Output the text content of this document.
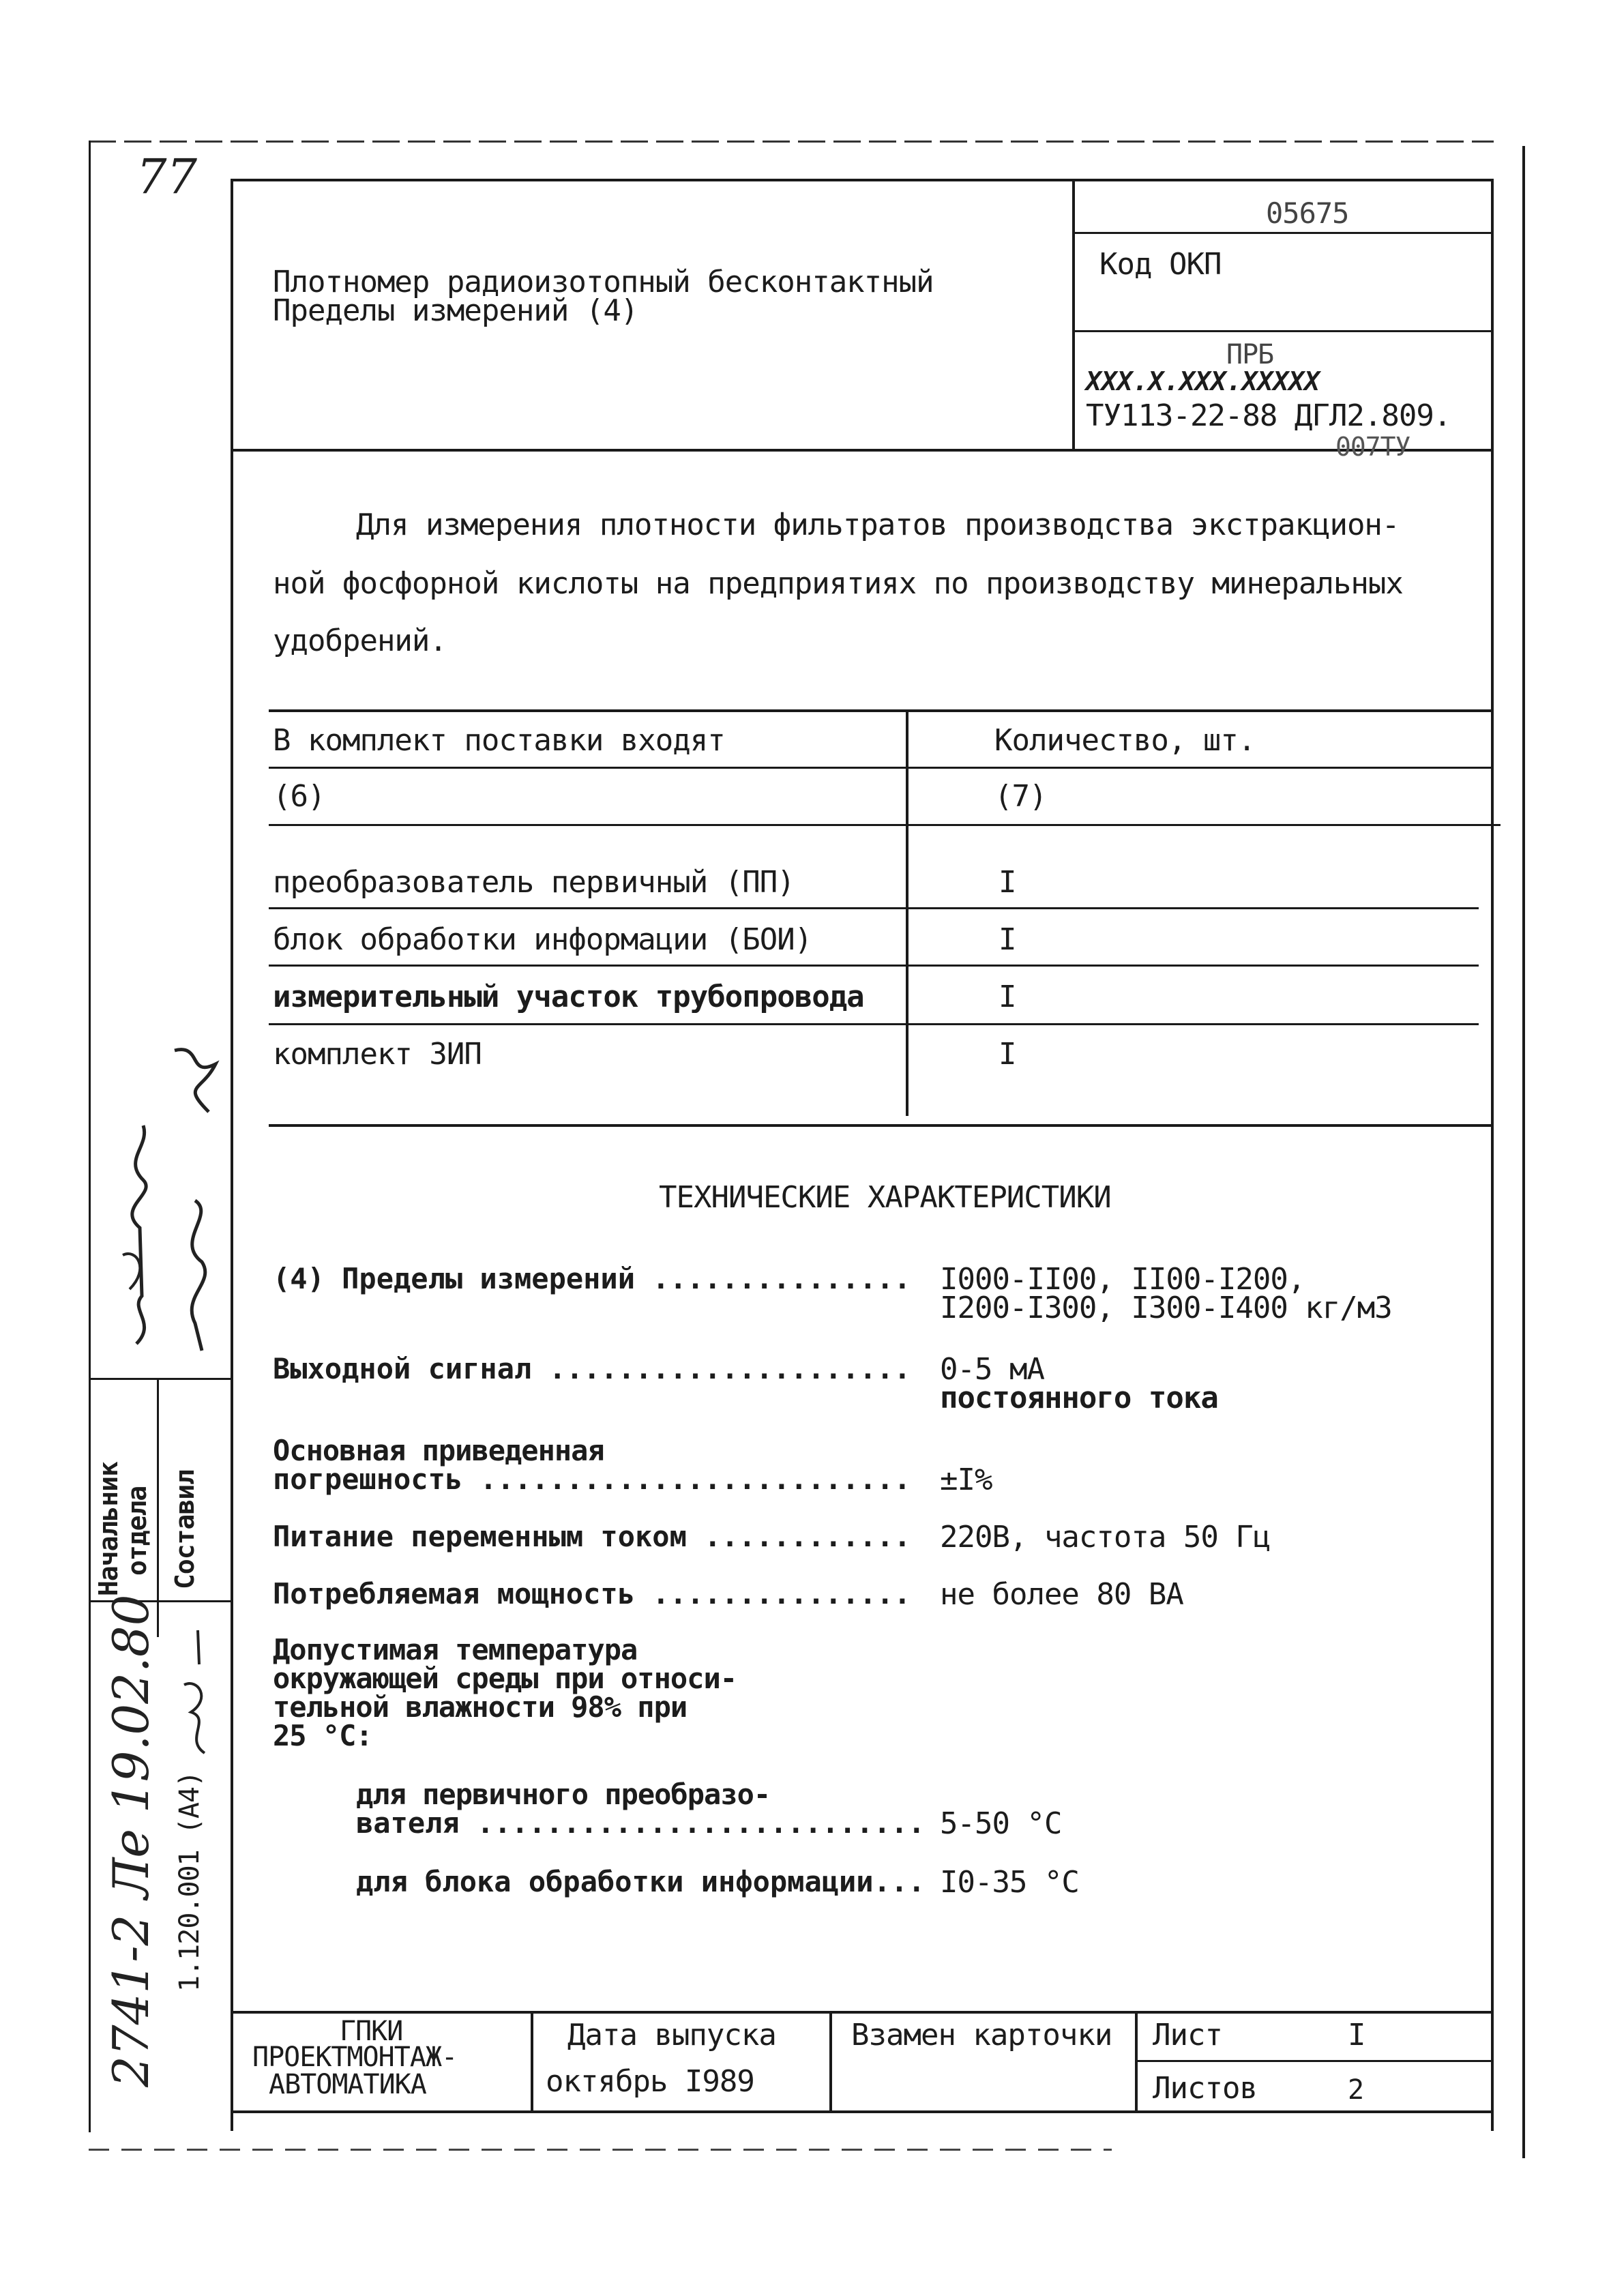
77
Плотномер радиоизотопный бесконтактный
Пределы измерений (4)
05675
Код ОКП
ПРБ
XXX.X.XXX.XXXXX
ТУ113-22-88 ДГЛ2.809.
007ТУ
Для измерения плотности фильтратов производства экстракцион-
ной фосфорной кислоты на предприятиях по производству минеральных
удобрений.
В комплект поставки входят	Количество, шт.
(6)	(7)
преобразователь первичный (ПП)	I
блок обработки информации (БОИ)	I
измерительный участок трубопровода	I
комплект ЗИП	I
ТЕХНИЧЕСКИЕ ХАРАКТЕРИСТИКИ
(4) Пределы измерений ............... I000-II00, II00-I200,
I200-I300, I300-I400 кг/м3
Выходной сигнал ..................... 0-5 мА
постоянного тока
Основная приведенная
погрешность ......................... ±I%
Питание переменным током ............ 220В, частота 50 Гц
Потребляемая мощность ............... не более 80 ВА
Допустимая температура
окружающей среды при относи-
тельной влажности 98% при
25 °С:
для первичного преобразо-
вателя .......................... 5-50 °С
для блока обработки информации... I0-35 °С
ГПКИ
ПРОЕКТМОНТАЖ-
АВТОМАТИКА
Дата выпуска
октябрь I989
Взамен карточки Лист	I
Листов	2
Начальник
отдела Составил
1.120.001 (А4)
2741-2 Ле 19.02.80
